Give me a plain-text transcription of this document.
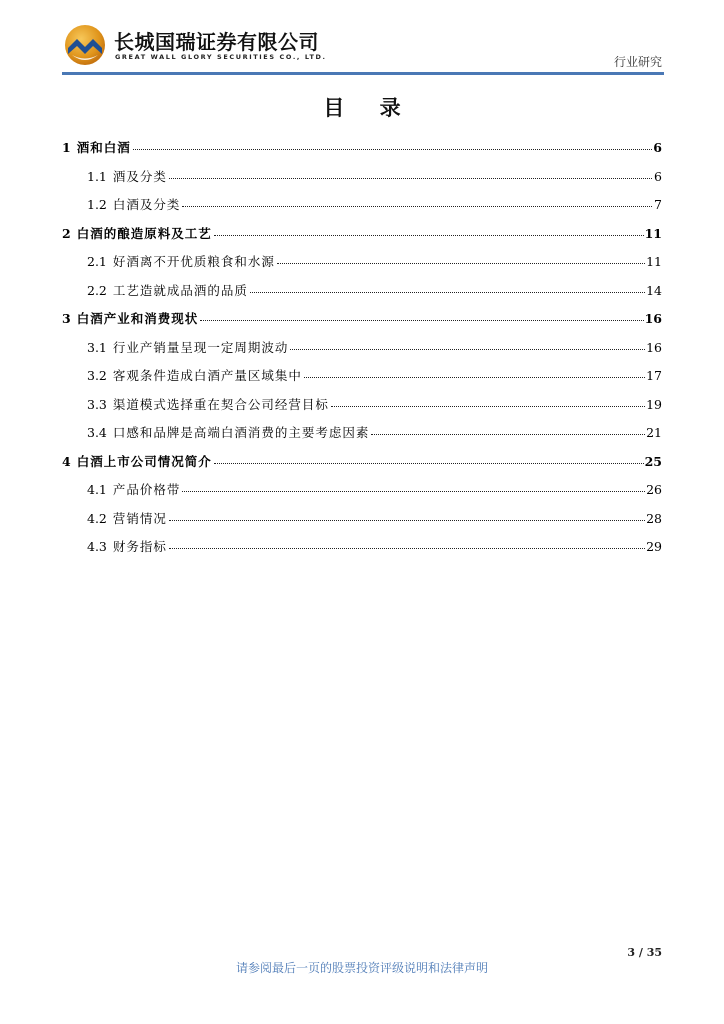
长城国瑞证券有限公司
GREAT WALL GLORY SECURITIES CO., LTD.	行业研究
目 录
1 酒和白酒	6
1.1 酒及分类	6
1.2 白酒及分类	7
2 白酒的酿造原料及工艺	11
2.1 好酒离不开优质粮食和水源	11
2.2 工艺造就成品酒的品质	14
3 白酒产业和消费现状	16
3.1 行业产销量呈现一定周期波动	16
3.2 客观条件造成白酒产量区域集中	17
3.3 渠道模式选择重在契合公司经营目标	19
3.4 口感和品牌是高端白酒消费的主要考虑因素	21
4 白酒上市公司情况简介	25
4.1 产品价格带	26
4.2 营销情况	28
4.3 财务指标	29
3 / 35
请参阅最后一页的股票投资评级说明和法律声明
